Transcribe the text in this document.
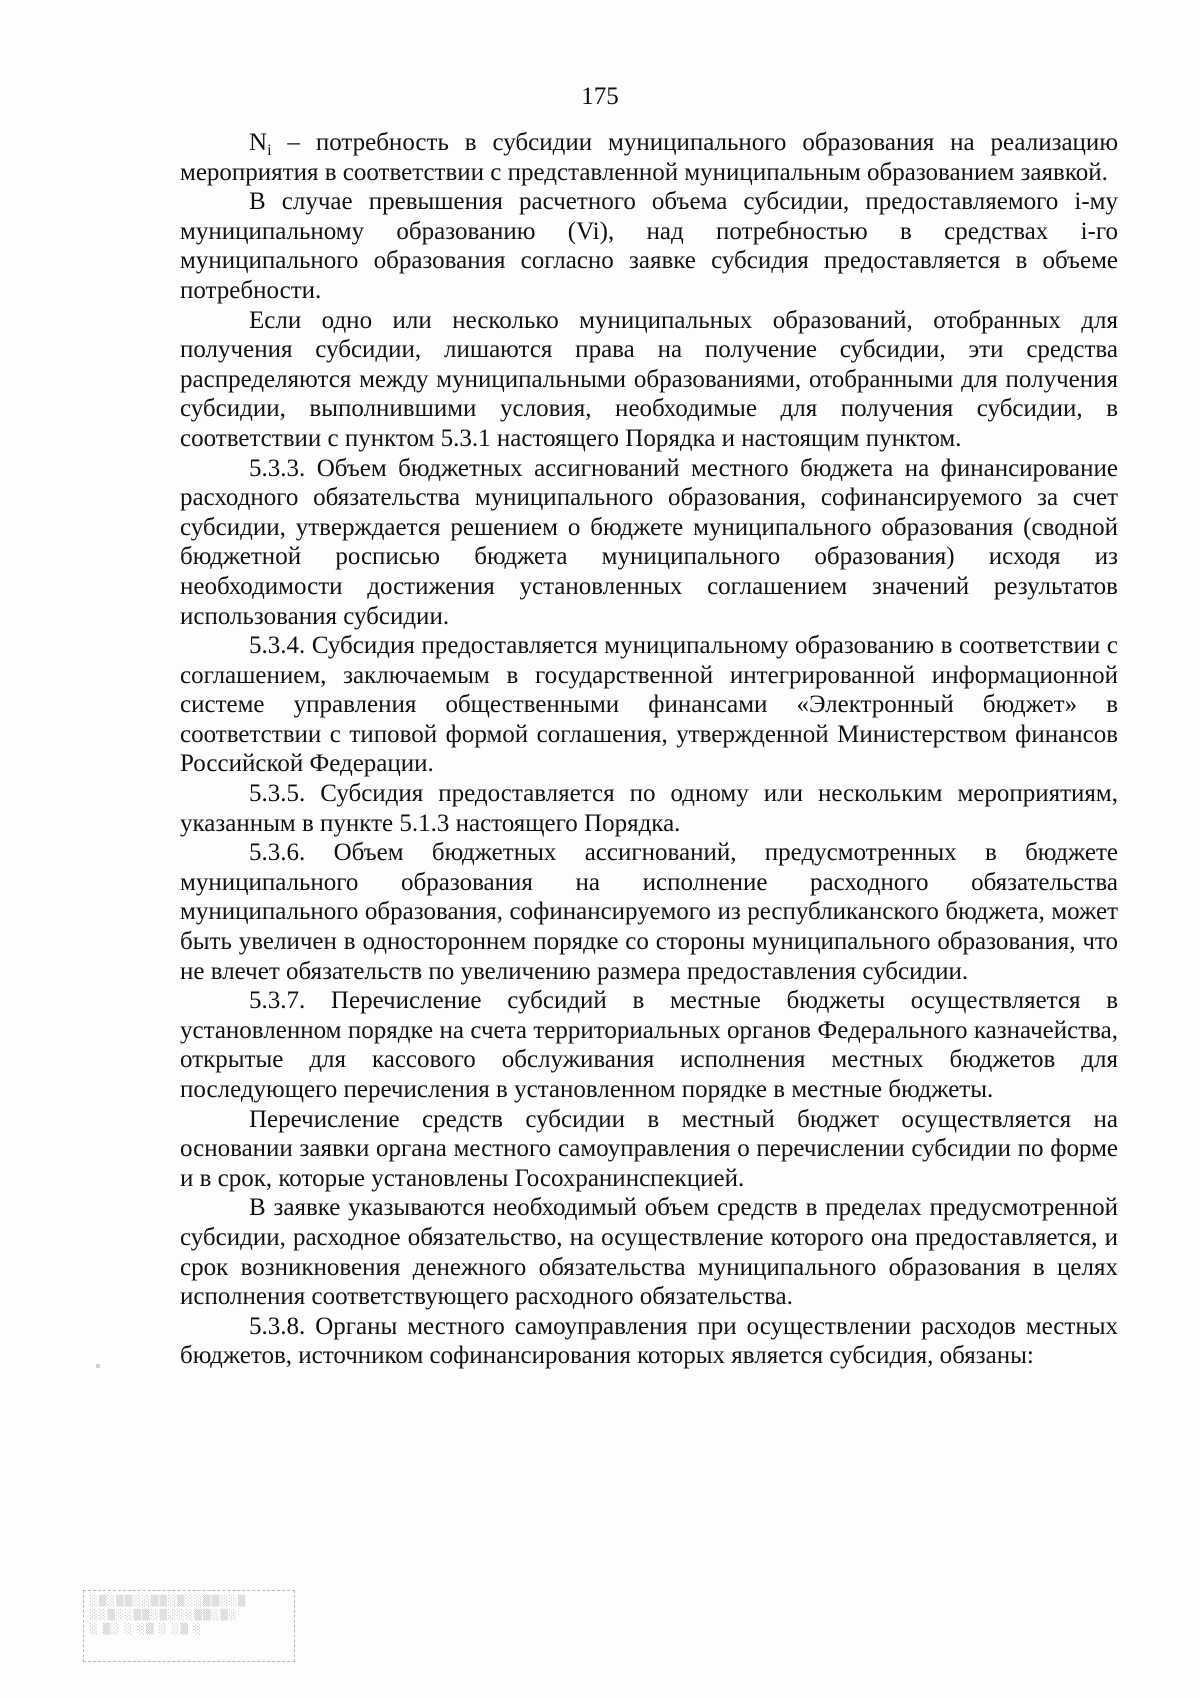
175

$N_i$ – потребность в субсидии муниципального образования на реализацию мероприятия в соответствии с представленной муниципальным образованием заявкой.

В случае превышения расчетного объема субсидии, предоставляемого i-му муниципальному образованию (Vi), над потребностью в средствах i-го муниципального образования согласно заявке субсидия предоставляется в объеме потребности.

Если одно или несколько муниципальных образований, отобранных для получения субсидии, лишаются права на получение субсидии, эти средства распределяются между муниципальными образованиями, отобранными для получения субсидии, выполнившими условия, необходимые для получения субсидии, в соответствии с пунктом 5.3.1 настоящего Порядка и настоящим пунктом.

5.3.3. Объем бюджетных ассигнований местного бюджета на финансирование расходного обязательства муниципального образования, софинансируемого за счет субсидии, утверждается решением о бюджете муниципального образования (сводной бюджетной росписью бюджета муниципального образования) исходя из необходимости достижения установленных соглашением значений результатов использования субсидии.

5.3.4. Субсидия предоставляется муниципальному образованию в соответствии с соглашением, заключаемым в государственной интегрированной информационной системе управления общественными финансами «Электронный бюджет» в соответствии с типовой формой соглашения, утвержденной Министерством финансов Российской Федерации.

5.3.5. Субсидия предоставляется по одному или нескольким мероприятиям, указанным в пункте 5.1.3 настоящего Порядка.

5.3.6. Объем бюджетных ассигнований, предусмотренных в бюджете муниципального образования на исполнение расходного обязательства муниципального образования, софинансируемого из республиканского бюджета, может быть увеличен в одностороннем порядке со стороны муниципального образования, что не влечет обязательств по увеличению размера предоставления субсидии.

5.3.7. Перечисление субсидий в местные бюджеты осуществляется в установленном порядке на счета территориальных органов Федерального казначейства, открытые для кассового обслуживания исполнения местных бюджетов для последующего перечисления в установленном порядке в местные бюджеты.

Перечисление средств субсидии в местный бюджет осуществляется на основании заявки органа местного самоуправления о перечислении субсидии по форме и в срок, которые установлены Госохранинспекцией.

В заявке указываются необходимый объем средств в пределах предусмотренной субсидии, расходное обязательство, на осуществление которого она предоставляется, и срок возникновения денежного обязательства муниципального образования в целях исполнения соответствующего расходного обязательства.

5.3.8. Органы местного самоуправления при осуществлении расходов местных бюджетов, источником софинансирования которых является субсидия, обязаны:

░▒░▒▒░░▒▒░▒░░▒▒░░▒
░░▒░░▒▒░▒░░░▒▒░▒░
░ ▒░ ░ ░▒ ░ ░▒ ░
